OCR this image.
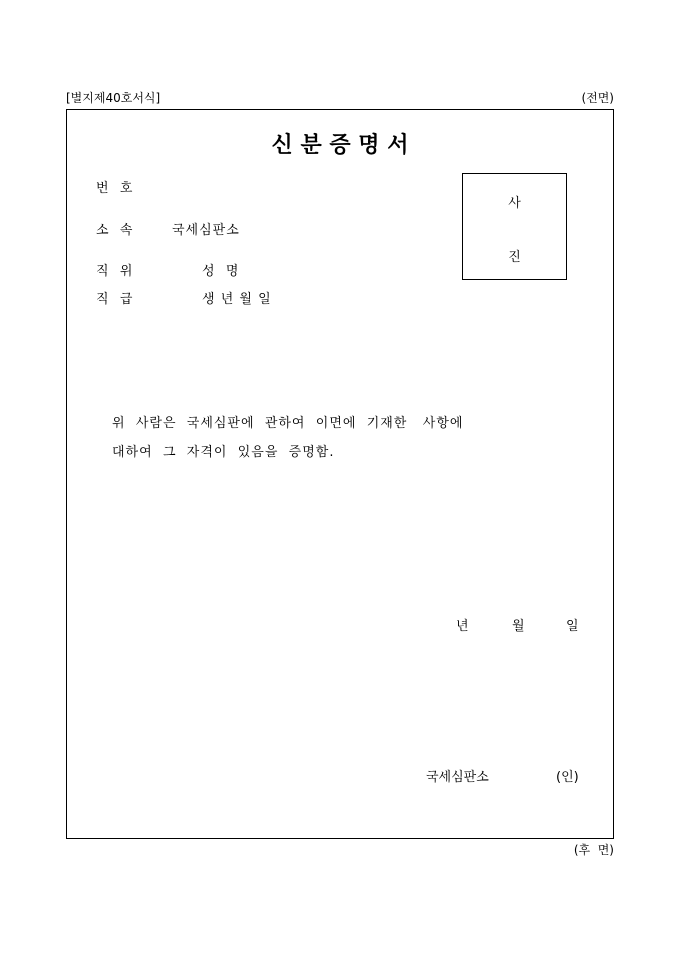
[별지제40호서식]	(전면)
신 분 증 명 서
번  호
소  속	국세심판소
직  위	성  명
직  급	생 년 월 일
사
진
위  사람은  국세심판에  관하여  이면에  기재한   사항에
대하여  그  자격이  있음을  증명함.
년	월	일
국세심판소	(인)
(후  면)
